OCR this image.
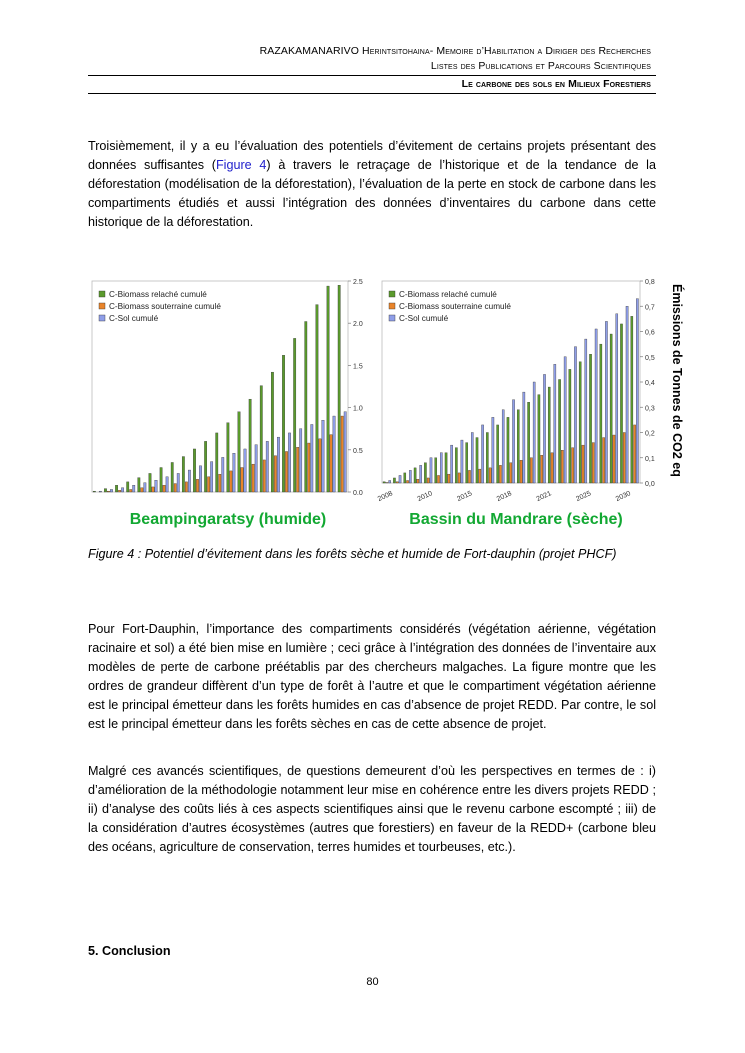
RAZAKAMANARIVO Herintsitohaina- Memoire d’Habilitation a Diriger des Recherches
Listes des Publications et Parcours Scientifiques
Le carbone des sols en Milieux Forestiers
Troisièmement, il y a eu l’évaluation des potentiels d’évitement de certains projets présentant des données suffisantes (Figure 4) à travers le retraçage de l’historique et de la tendance de la déforestation (modélisation de la déforestation), l’évaluation de la perte en stock de carbone dans les compartiments étudiés et aussi l’intégration des données d’inventaires du carbone dans cette historique de la déforestation.
0.0
0.5
1.0
1.5
2.0
2.5
C-Biomass relaché cumulé
C-Biomass souterraine cumulé
C-Sol cumulé
Beampingaratsy (humide)
0,0
0,1
0,2
0,3
0,4
0,5
0,6
0,7
0,8
2008	2010	2015	2018	2021	2025	2030
C-Biomass relaché cumulé
C-Biomass souterraine cumulé
C-Sol cumulé
Bassin du Mandrare (sèche)
Émissions de Tonnes de CO2 eq
Figure 4 : Potentiel d’évitement dans les forêts sèche et humide de Fort-dauphin (projet PHCF)
Pour Fort-Dauphin, l’importance des compartiments considérés (végétation aérienne, végétation racinaire et sol) a été bien mise en lumière ; ceci grâce à l’intégration des données de l’inventaire aux modèles de perte de carbone préétablis par des chercheurs malgaches. La figure montre que les ordres de grandeur diffèrent d’un type de forêt à l’autre et que le compartiment végétation aérienne est le principal émetteur dans les forêts humides en cas d’absence de projet REDD. Par contre, le sol est le principal émetteur dans les forêts sèches en cas de cette absence de projet.
Malgré ces avancés scientifiques, de questions demeurent d’où les perspectives en termes de : i) d’amélioration de la méthodologie notamment leur mise en cohérence entre les divers projets REDD ; ii) d’analyse des coûts liés à ces aspects scientifiques ainsi que le revenu carbone escompté ; iii) de la considération d’autres écosystèmes (autres que forestiers) en faveur de la REDD+ (carbone bleu des océans, agriculture de conservation, terres humides et tourbeuses, etc.).
5. Conclusion
80
